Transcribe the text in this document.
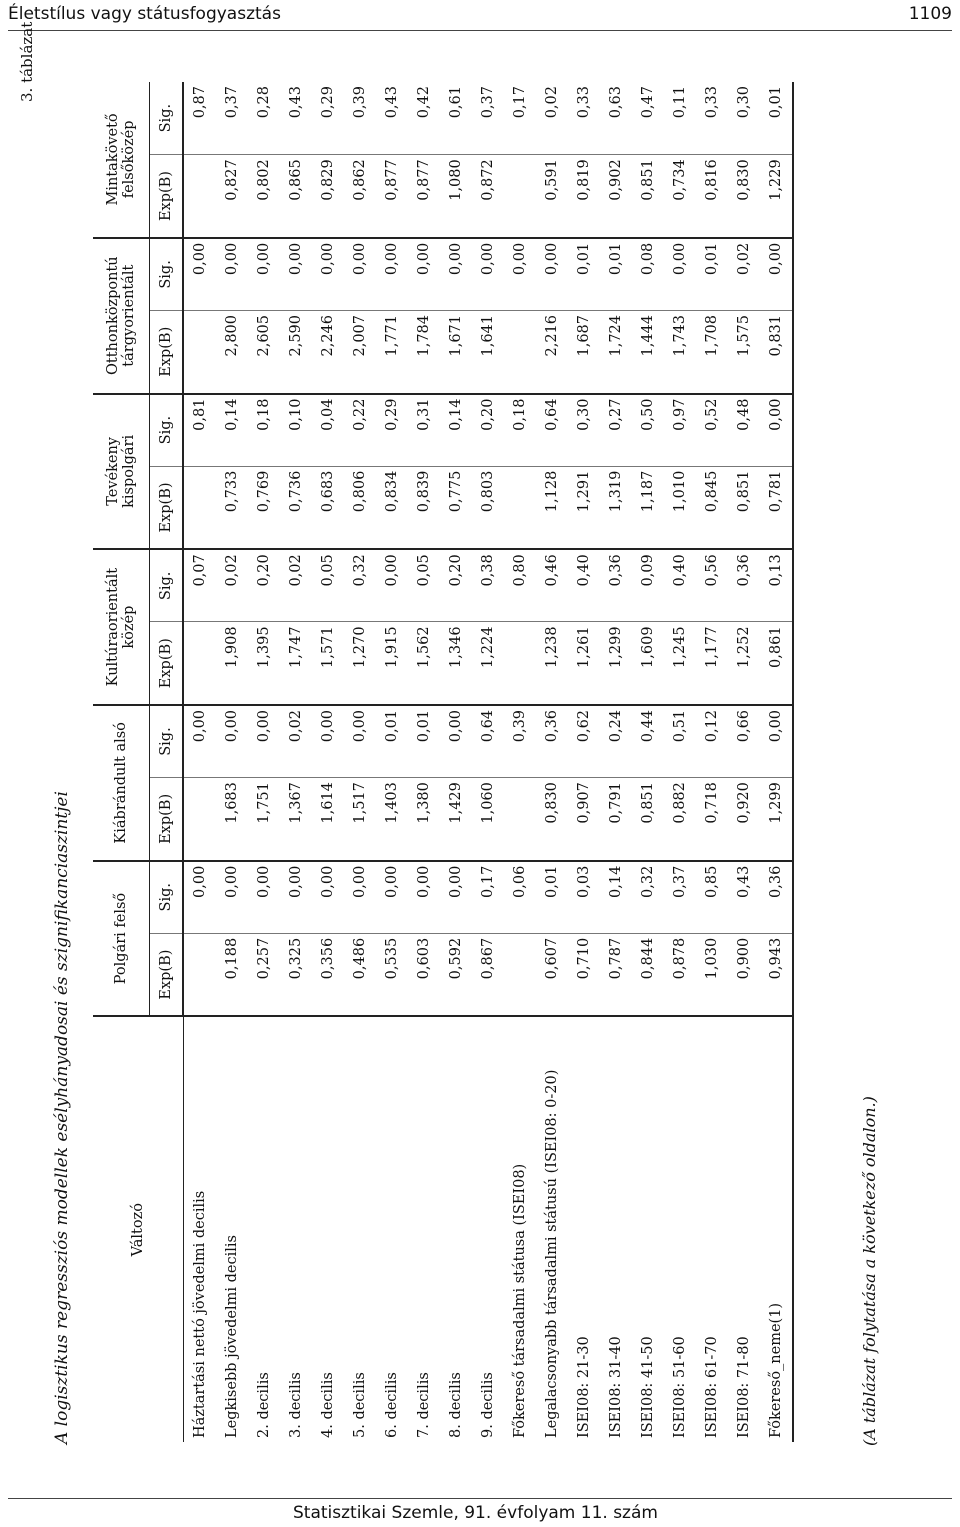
Életstílus vagy státusfogyasztás	1109
3. táblázat
A logisztikus regressziós modellek esélyhányadosai és szignifikanciaszintjei	Változó	Polgári felső		Kiábrándult alsó		Kultúraorientált közép		Tevékeny kispolgári		Otthonközpontú tárgyorientált		Mintakövető felsőközép	
	Exp(B)	Sig.	Exp(B)	Sig.	Exp(B)	Sig.	Exp(B)	Sig.	Exp(B)	Sig.	Exp(B)	Sig.
Háztartási nettó jövedelmi decilis		0,00		0,00		0,07		0,81		0,00		0,87
Legkisebb jövedelmi decilis	0,188	0,00	1,683	0,00	1,908	0,02	0,733	0,14	2,800	0,00	0,827	0,37
2. decilis	0,257	0,00	1,751	0,00	1,395	0,20	0,769	0,18	2,605	0,00	0,802	0,28
3. decilis	0,325	0,00	1,367	0,02	1,747	0,02	0,736	0,10	2,590	0,00	0,865	0,43
4. decilis	0,356	0,00	1,614	0,00	1,571	0,05	0,683	0,04	2,246	0,00	0,829	0,29
5. decilis	0,486	0,00	1,517	0,00	1,270	0,32	0,806	0,22	2,007	0,00	0,862	0,39
6. decilis	0,535	0,00	1,403	0,01	1,915	0,00	0,834	0,29	1,771	0,00	0,877	0,43
7. decilis	0,603	0,00	1,380	0,01	1,562	0,05	0,839	0,31	1,784	0,00	0,877	0,42
8. decilis	0,592	0,00	1,429	0,00	1,346	0,20	0,775	0,14	1,671	0,00	1,080	0,61
9. decilis	0,867	0,17	1,060	0,64	1,224	0,38	0,803	0,20	1,641	0,00	0,872	0,37
Főkereső társadalmi státusa (ISEI08)		0,06		0,39		0,80		0,18		0,00		0,17
Legalacsonyabb társadalmi státusú (ISEI08: 0-20)	0,607	0,01	0,830	0,36	1,238	0,46	1,128	0,64	2,216	0,00	0,591	0,02
ISEI08: 21-30	0,710	0,03	0,907	0,62	1,261	0,40	1,291	0,30	1,687	0,01	0,819	0,33
ISEI08: 31-40	0,787	0,14	0,791	0,24	1,299	0,36	1,319	0,27	1,724	0,01	0,902	0,63
ISEI08: 41-50	0,844	0,32	0,851	0,44	1,609	0,09	1,187	0,50	1,444	0,08	0,851	0,47
ISEI08: 51-60	0,878	0,37	0,882	0,51	1,245	0,40	1,010	0,97	1,743	0,00	0,734	0,11
ISEI08: 61-70	1,030	0,85	0,718	0,12	1,177	0,56	0,845	0,52	1,708	0,01	0,816	0,33
ISEI08: 71-80	0,900	0,43	0,920	0,66	1,252	0,36	0,851	0,48	1,575	0,02	0,830	0,30
Főkereső_neme(1)	0,943	0,36	1,299	0,00	0,861	0,13	0,781	0,00	0,831	0,00	1,229	0,01
(A táblázat folytatása a következő oldalon.)
Statisztikai Szemle, 91. évfolyam 11. szám
